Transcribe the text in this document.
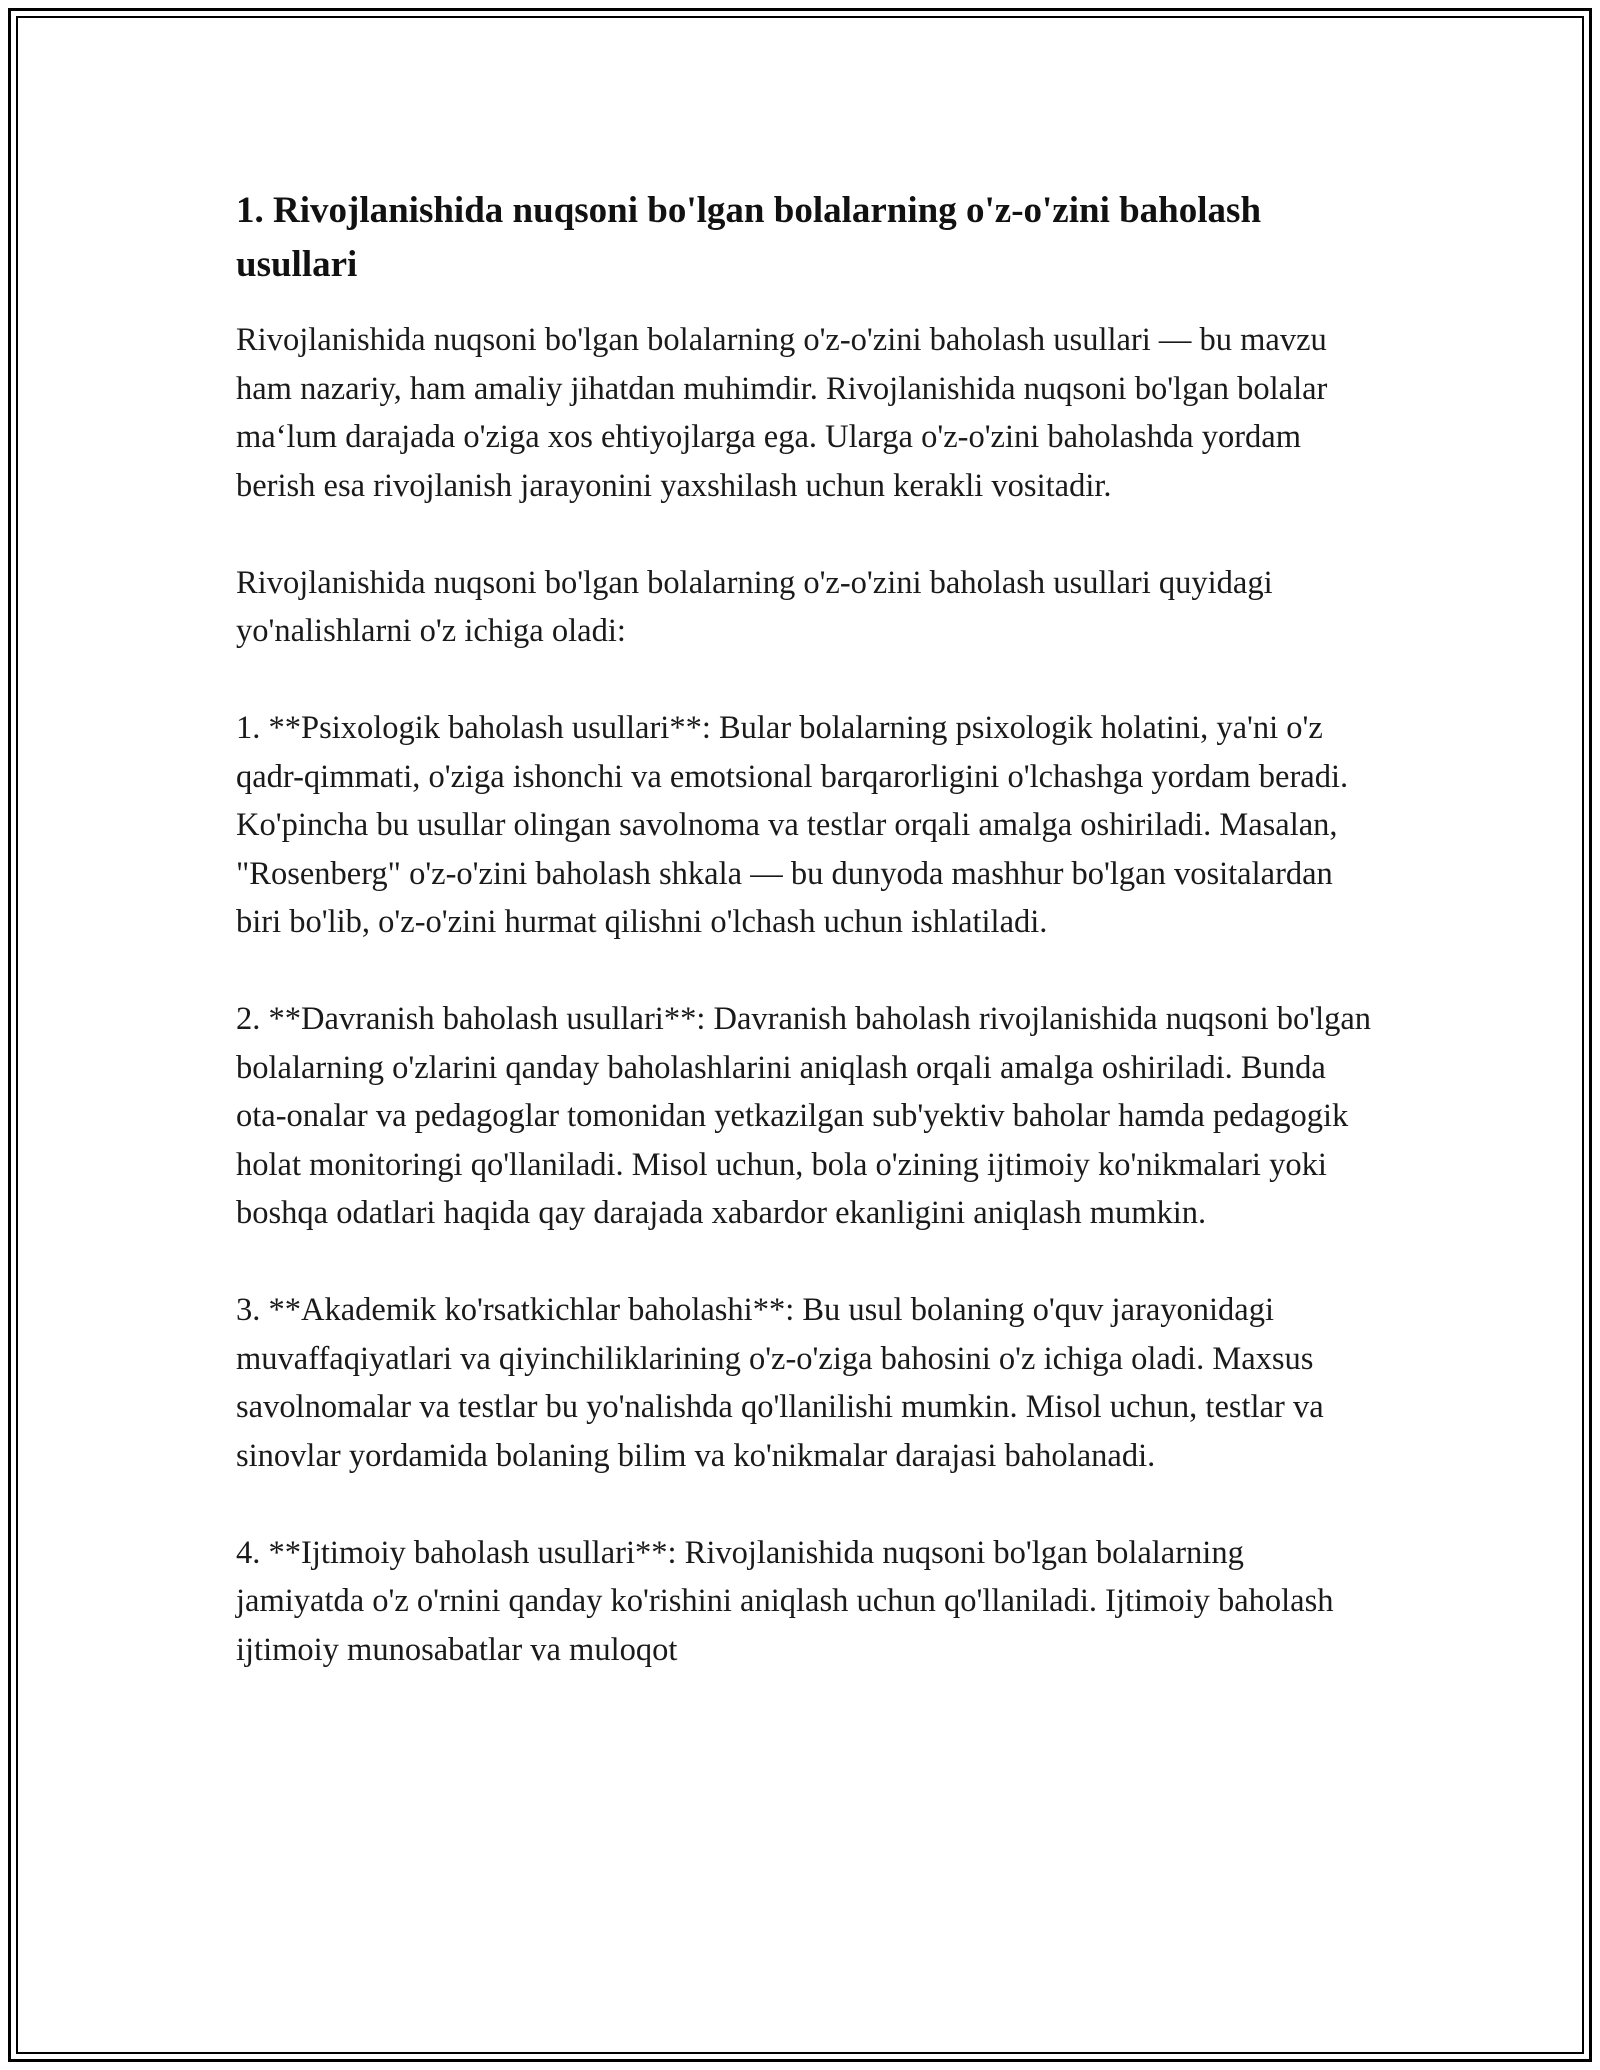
1. Rivojlanishida nuqsoni bo'lgan bolalarning o'z-o'zini baholash usullari

Rivojlanishida nuqsoni bo'lgan bolalarning o'z-o'zini baholash usullari — bu mavzu ham nazariy, ham amaliy jihatdan muhimdir. Rivojlanishida nuqsoni bo'lgan bolalar ma‘lum darajada o'ziga xos ehtiyojlarga ega. Ularga o'z-o'zini baholashda yordam berish esa rivojlanish jarayonini yaxshilash uchun kerakli vositadir.

Rivojlanishida nuqsoni bo'lgan bolalarning o'z-o'zini baholash usullari quyidagi yo'nalishlarni o'z ichiga oladi:

1. **Psixologik baholash usullari**: Bular bolalarning psixologik holatini, ya'ni o'z qadr-qimmati, o'ziga ishonchi va emotsional barqarorligini o'lchashga yordam beradi. Ko'pincha bu usullar olingan savolnoma va testlar orqali amalga oshiriladi. Masalan, "Rosenberg" o'z-o'zini baholash shkala — bu dunyoda mashhur bo'lgan vositalardan biri bo'lib, o'z-o'zini hurmat qilishni o'lchash uchun ishlatiladi.

2. **Davranish baholash usullari**: Davranish baholash rivojlanishida nuqsoni bo'lgan bolalarning o'zlarini qanday baholashlarini aniqlash orqali amalga oshiriladi. Bunda ota-onalar va pedagoglar tomonidan yetkazilgan sub'yektiv baholar hamda pedagogik holat monitoringi qo'llaniladi. Misol uchun, bola o'zining ijtimoiy ko'nikmalari yoki boshqa odatlari haqida qay darajada xabardor ekanligini aniqlash mumkin.

3. **Akademik ko'rsatkichlar baholashi**: Bu usul bolaning o'quv jarayonidagi muvaffaqiyatlari va qiyinchiliklarining o'z-o'ziga bahosini o'z ichiga oladi. Maxsus savolnomalar va testlar bu yo'nalishda qo'llanilishi mumkin. Misol uchun, testlar va sinovlar yordamida bolaning bilim va ko'nikmalar darajasi baholanadi.

4. **Ijtimoiy baholash usullari**: Rivojlanishida nuqsoni bo'lgan bolalarning jamiyatda o'z o'rnini qanday ko'rishini aniqlash uchun qo'llaniladi. Ijtimoiy baholash ijtimoiy munosabatlar va muloqot
